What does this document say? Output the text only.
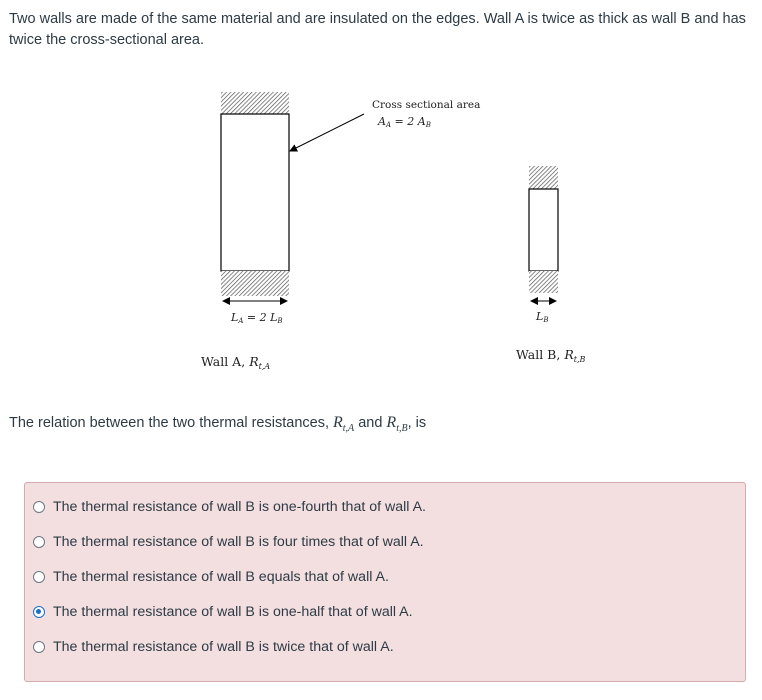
Two walls are made of the same material and are insulated on the edges. Wall A is twice as thick as wall B and has twice the cross-sectional area.

Cross sectional area
AA = 2 AB
LA = 2 LB
Wall A, $R_{t,A}$
LB
Wall B, $R_{t,B}$

The relation between the two thermal resistances, $R_{t,A}$ and $R_{t,B}$, is

The thermal resistance of wall B is one-fourth that of wall A.
The thermal resistance of wall B is four times that of wall A.
The thermal resistance of wall B equals that of wall A.
The thermal resistance of wall B is one-half that of wall A.
The thermal resistance of wall B is twice that of wall A.
